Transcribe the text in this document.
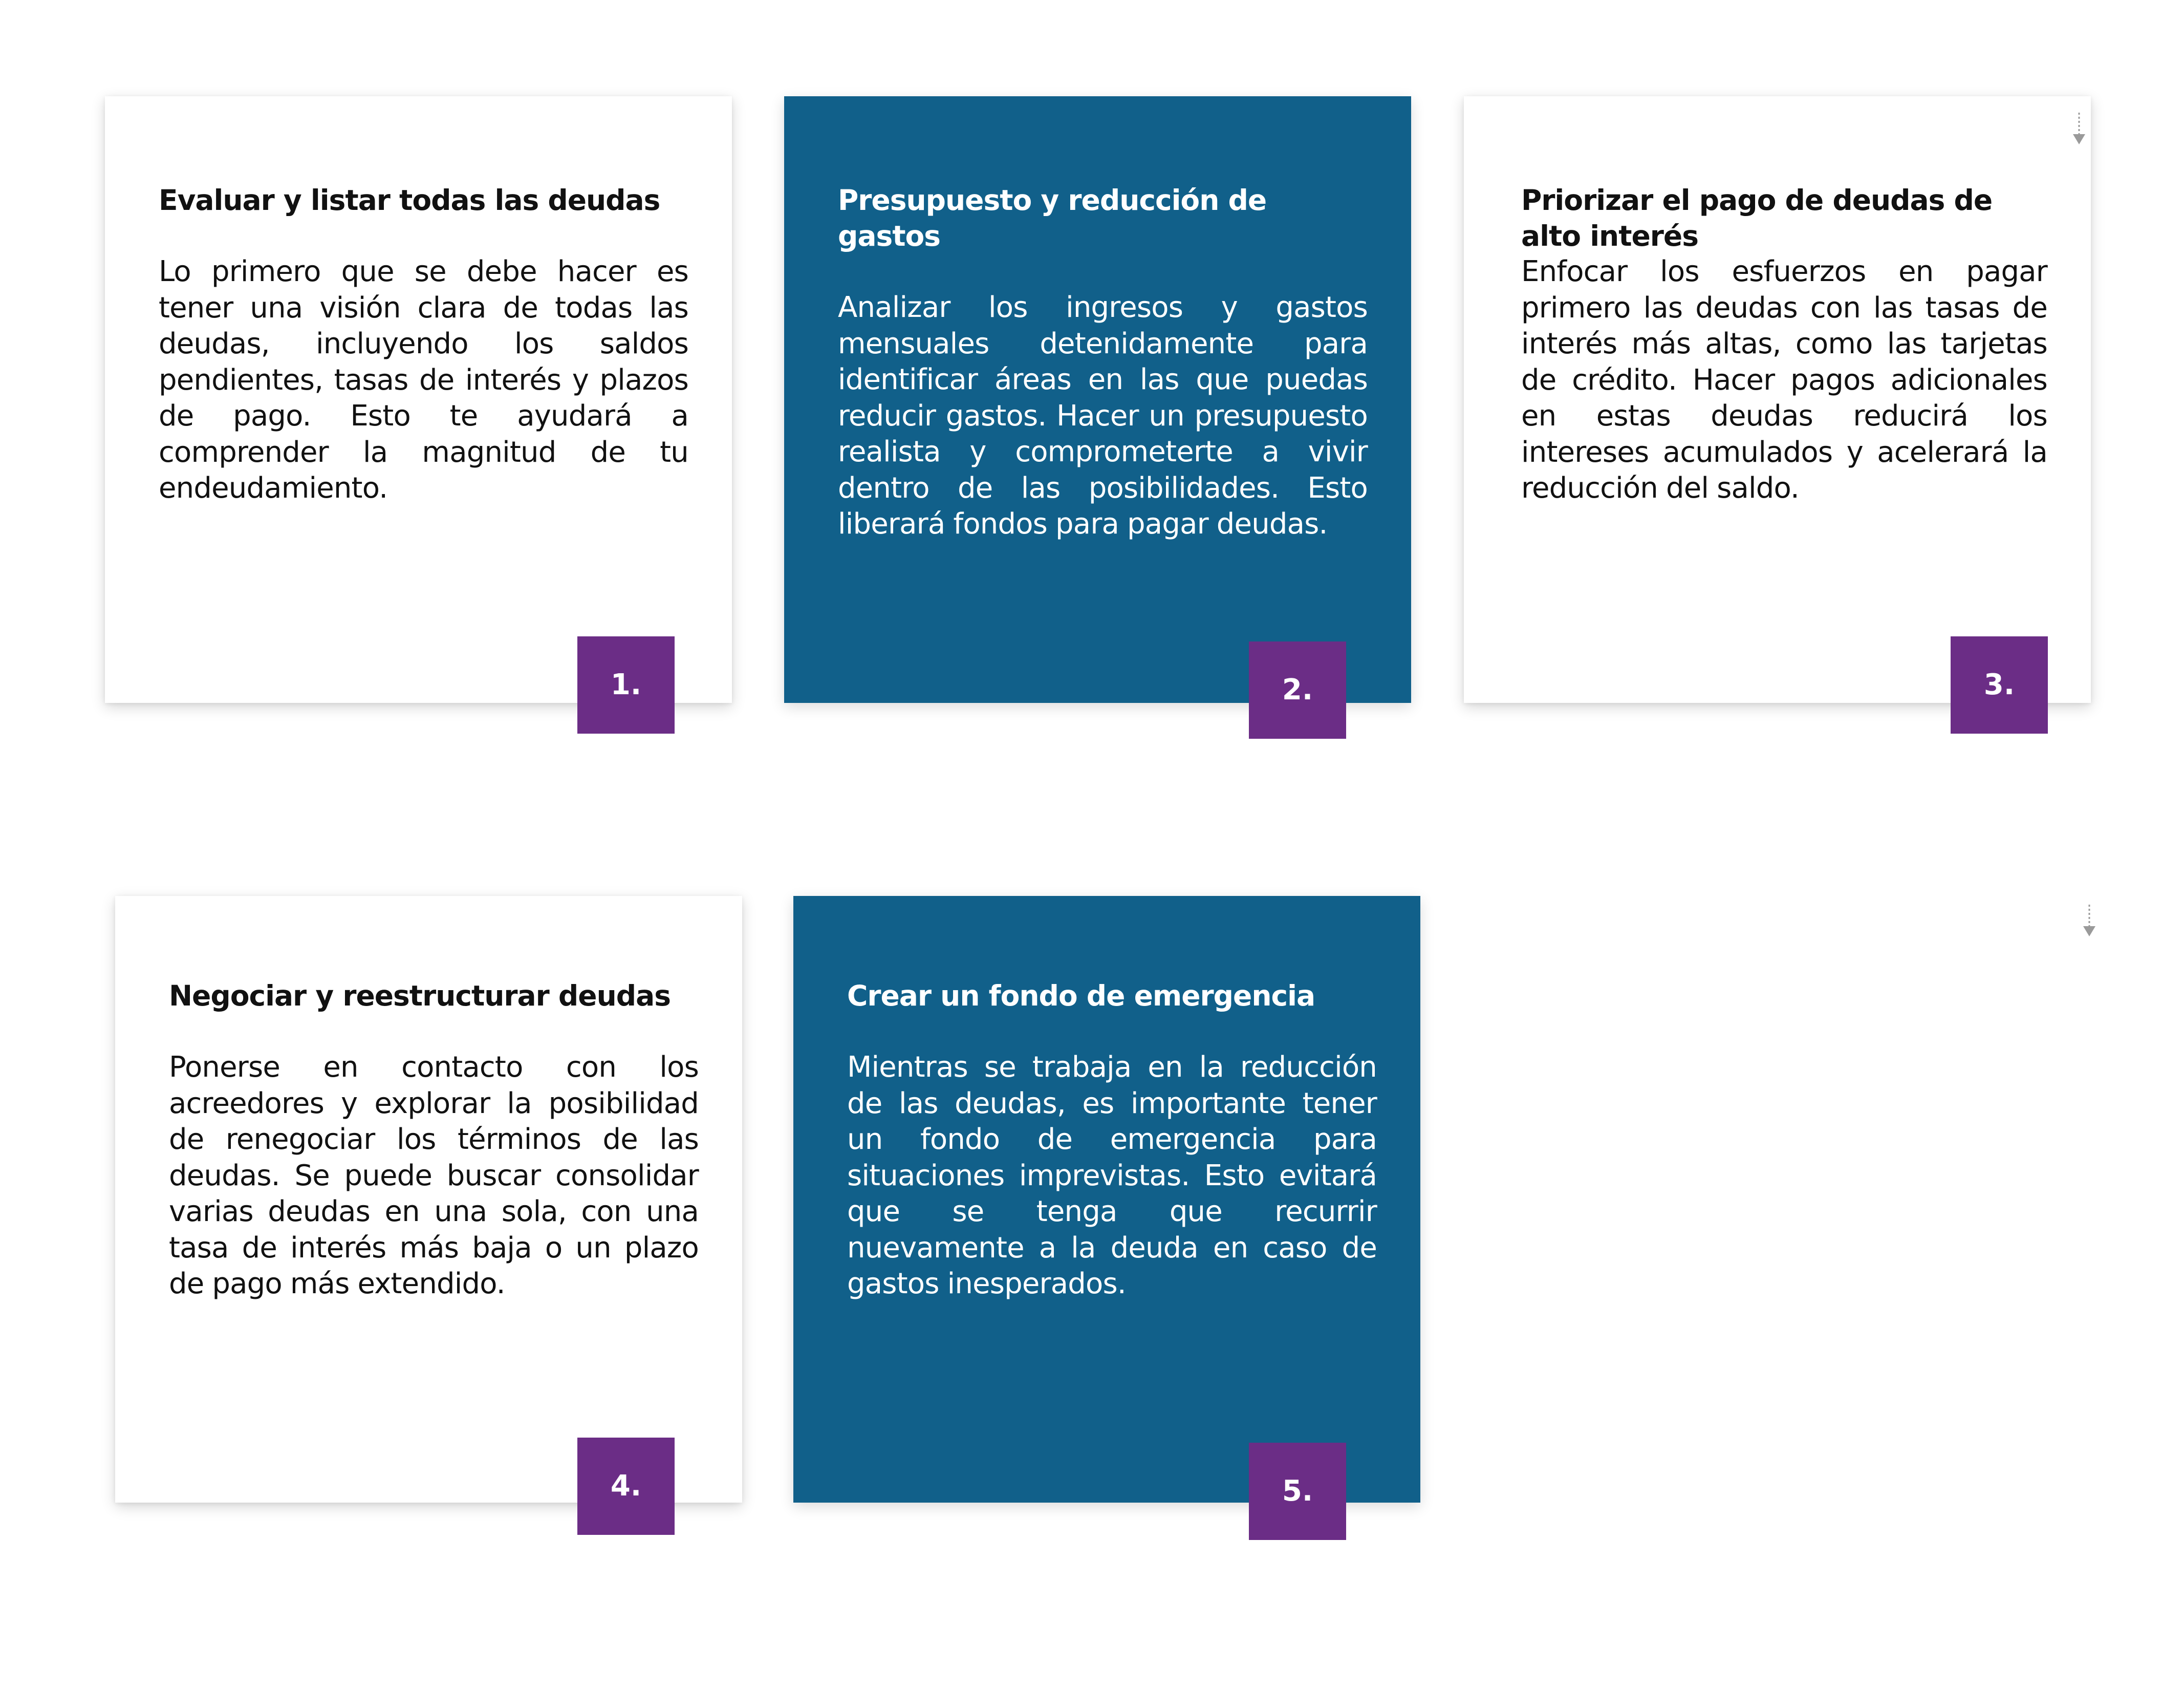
Evaluar y listar todas las deudas

Lo primero que se debe hacer es tener una visión clara de todas las deudas, incluyendo los saldos pendientes, tasas de interés y plazos de pago. Esto te ayudará a comprender la magnitud de tu endeudamiento.

1.
Presupuesto y reducción de gastos

Analizar los ingresos y gastos mensuales detenidamente para identificar áreas en las que puedas reducir gastos. Hacer un presupuesto realista y comprometerte a vivir dentro de las posibilidades. Esto liberará fondos para pagar deudas.

2.
Priorizar el pago de deudas de alto interés

Enfocar los esfuerzos en pagar primero las deudas con las tasas de interés más altas, como las tarjetas de crédito. Hacer pagos adicionales en estas deudas reducirá los intereses acumulados y acelerará la reducción del saldo.

3.
Negociar y reestructurar deudas

Ponerse en contacto con los acreedores y explorar la posibilidad de renegociar los términos de las deudas. Se puede buscar consolidar varias deudas en una sola, con una tasa de interés más baja o un plazo de pago más extendido.

4.
Crear un fondo de emergencia

Mientras se trabaja en la reducción de las deudas, es importante tener un fondo de emergencia para situaciones imprevistas. Esto evitará que se tenga que recurrir nuevamente a la deuda en caso de gastos inesperados.

5.
